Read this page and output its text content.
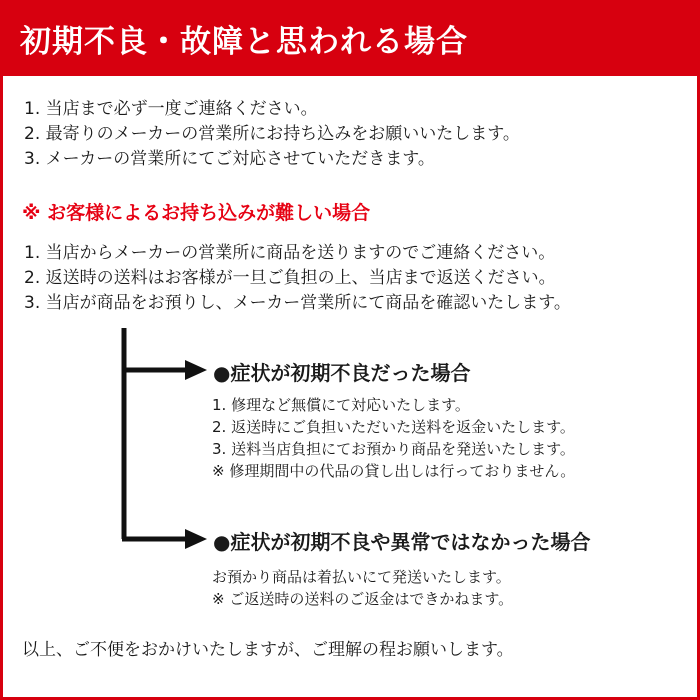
初期不良・故障と思われる場合
1. 当店まで必ず一度ご連絡ください。
2. 最寄りのメーカーの営業所にお持ち込みをお願いいたします。
3. メーカーの営業所にてご対応させていただきます。
※ お客様によるお持ち込みが難しい場合
1. 当店からメーカーの営業所に商品を送りますのでご連絡ください。
2. 返送時の送料はお客様が一旦ご負担の上、当店まで返送ください。
3. 当店が商品をお預りし、メーカー営業所にて商品を確認いたします。
●症状が初期不良だった場合
1. 修理など無償にて対応いたします。
2. 返送時にご負担いただいた送料を返金いたします。
3. 送料当店負担にてお預かり商品を発送いたします。
※ 修理期間中の代品の貸し出しは行っておりません。
●症状が初期不良や異常ではなかった場合
お預かり商品は着払いにて発送いたします。
※ ご返送時の送料のご返金はできかねます。
以上、ご不便をおかけいたしますが、ご理解の程お願いします。
